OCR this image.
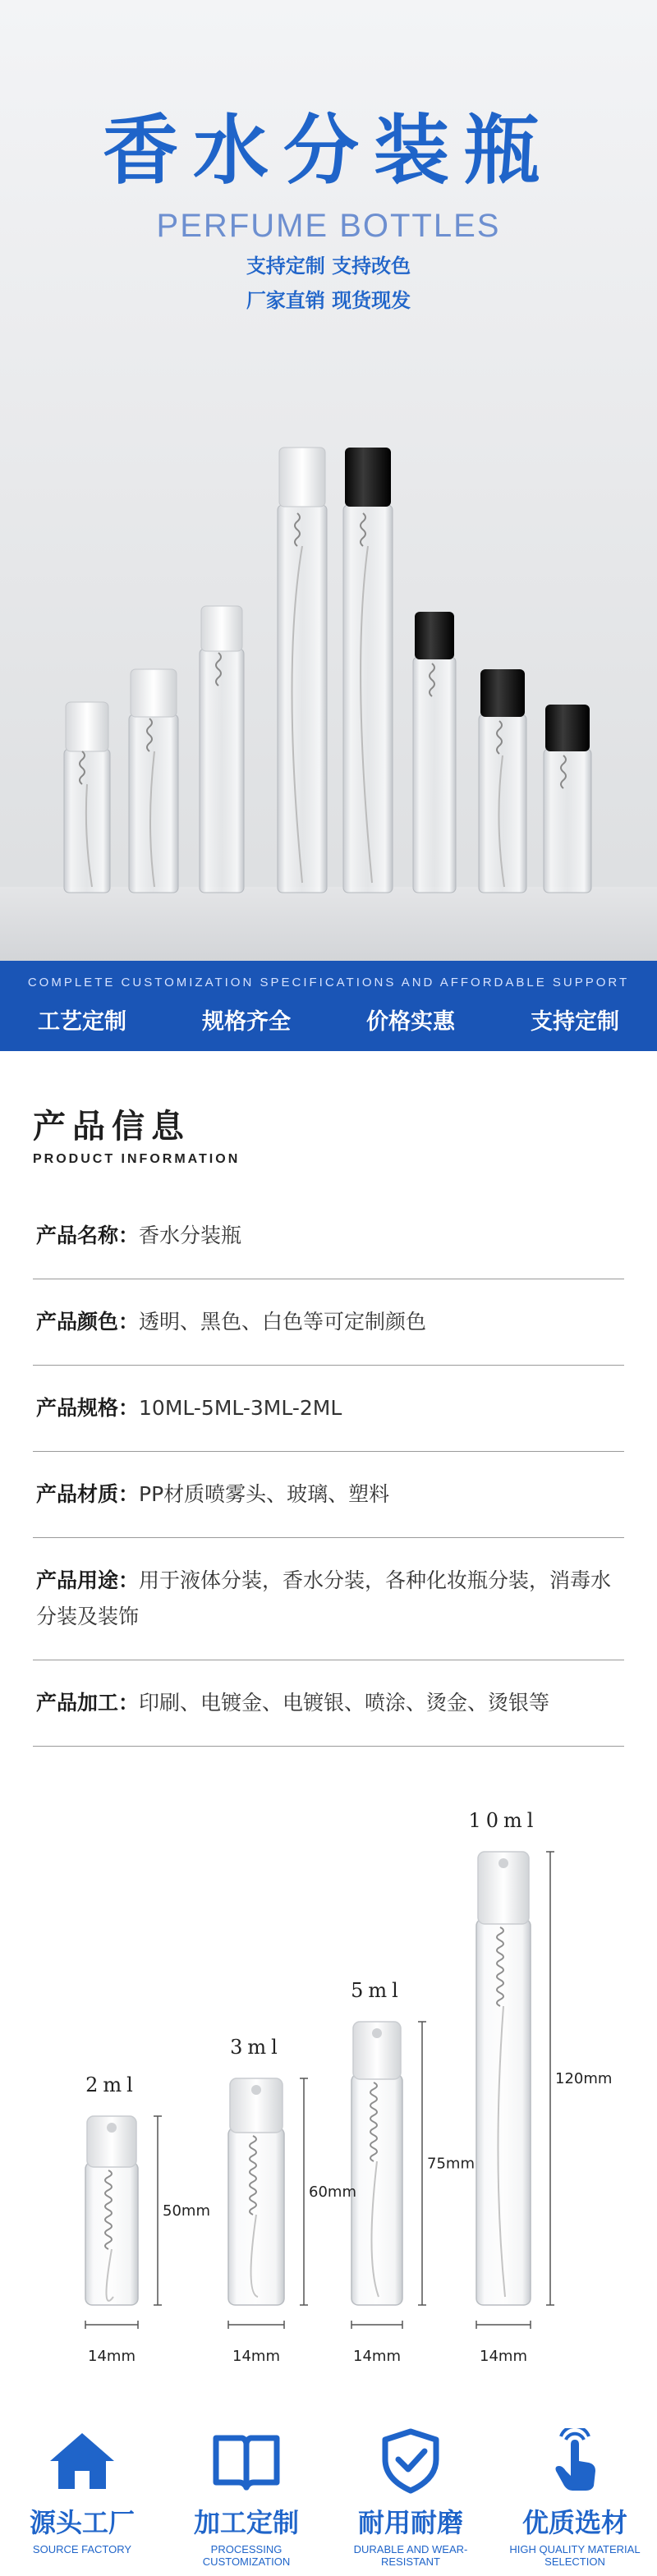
香水分装瓶
PERFUME BOTTLES
支持定制 支持改色
厂家直销 现货现发
COMPLETE CUSTOMIZATION SPECIFICATIONS AND AFFORDABLE SUPPORT
工艺定制	规格齐全	价格实惠	支持定制
产品信息
PRODUCT INFORMATION
产品名称：香水分装瓶
产品颜色：透明、黑色、白色等可定制颜色
产品规格：10ML-5ML-3ML-2ML
产品材质：PP材质喷雾头、玻璃、塑料
产品用途：用于液体分装，香水分装，各种化妆瓶分装，消毒水分装及装饰
产品加工：印刷、电镀金、电镀银、喷涂、烫金、烫银等
50mm
14mm
2ml
60mm
14mm
3ml
75mm
14mm
5ml
120mm
14mm
10ml
源头工厂
SOURCE FACTORY
加工定制
PROCESSING CUSTOMIZATION
耐用耐磨
DURABLE AND WEAR-RESISTANT
优质选材
HIGH QUALITY MATERIAL SELECTION
